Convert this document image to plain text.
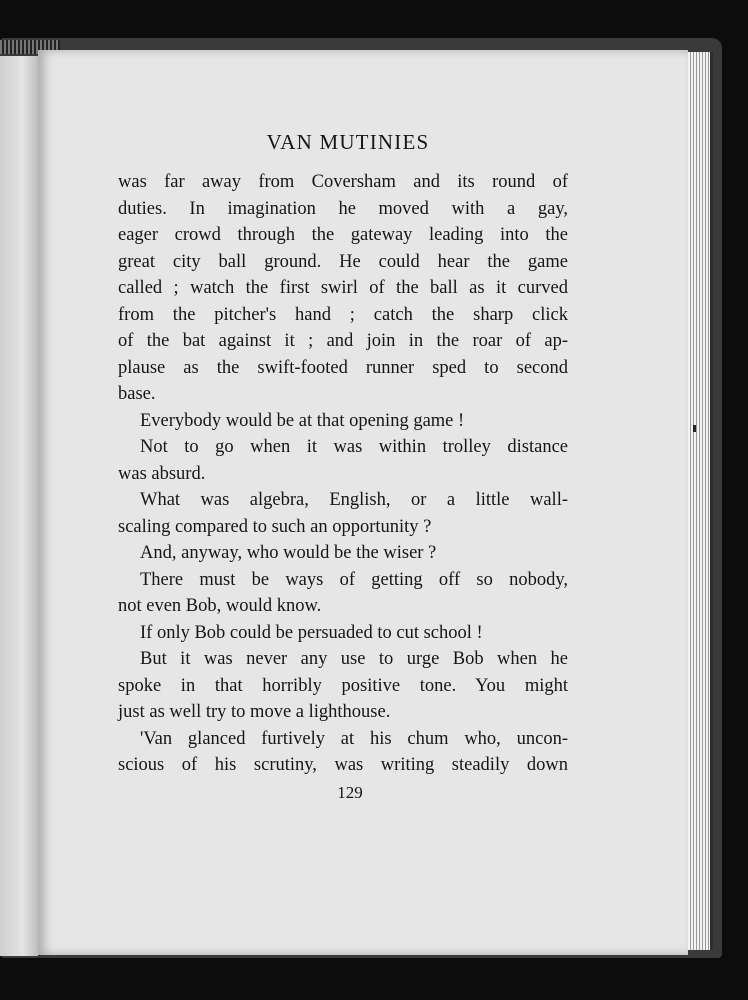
VAN MUTINIES
was far away from Coversham and its round of
duties. In imagination he moved with a gay,
eager crowd through the gateway leading into the
great city ball ground. He could hear the game
called ; watch the first swirl of the ball as it curved
from the pitcher's hand ; catch the sharp click
of the bat against it ; and join in the roar of ap-
plause as the swift-footed runner sped to second
base.
Everybody would be at that opening game !
Not to go when it was within trolley distance
was absurd.
What was algebra, English, or a little wall-
scaling compared to such an opportunity ?
And, anyway, who would be the wiser ?
There must be ways of getting off so nobody,
not even Bob, would know.
If only Bob could be persuaded to cut school !
But it was never any use to urge Bob when he
spoke in that horribly positive tone. You might
just as well try to move a lighthouse.
'Van glanced furtively at his chum who, uncon-
scious of his scrutiny, was writing steadily down
129
